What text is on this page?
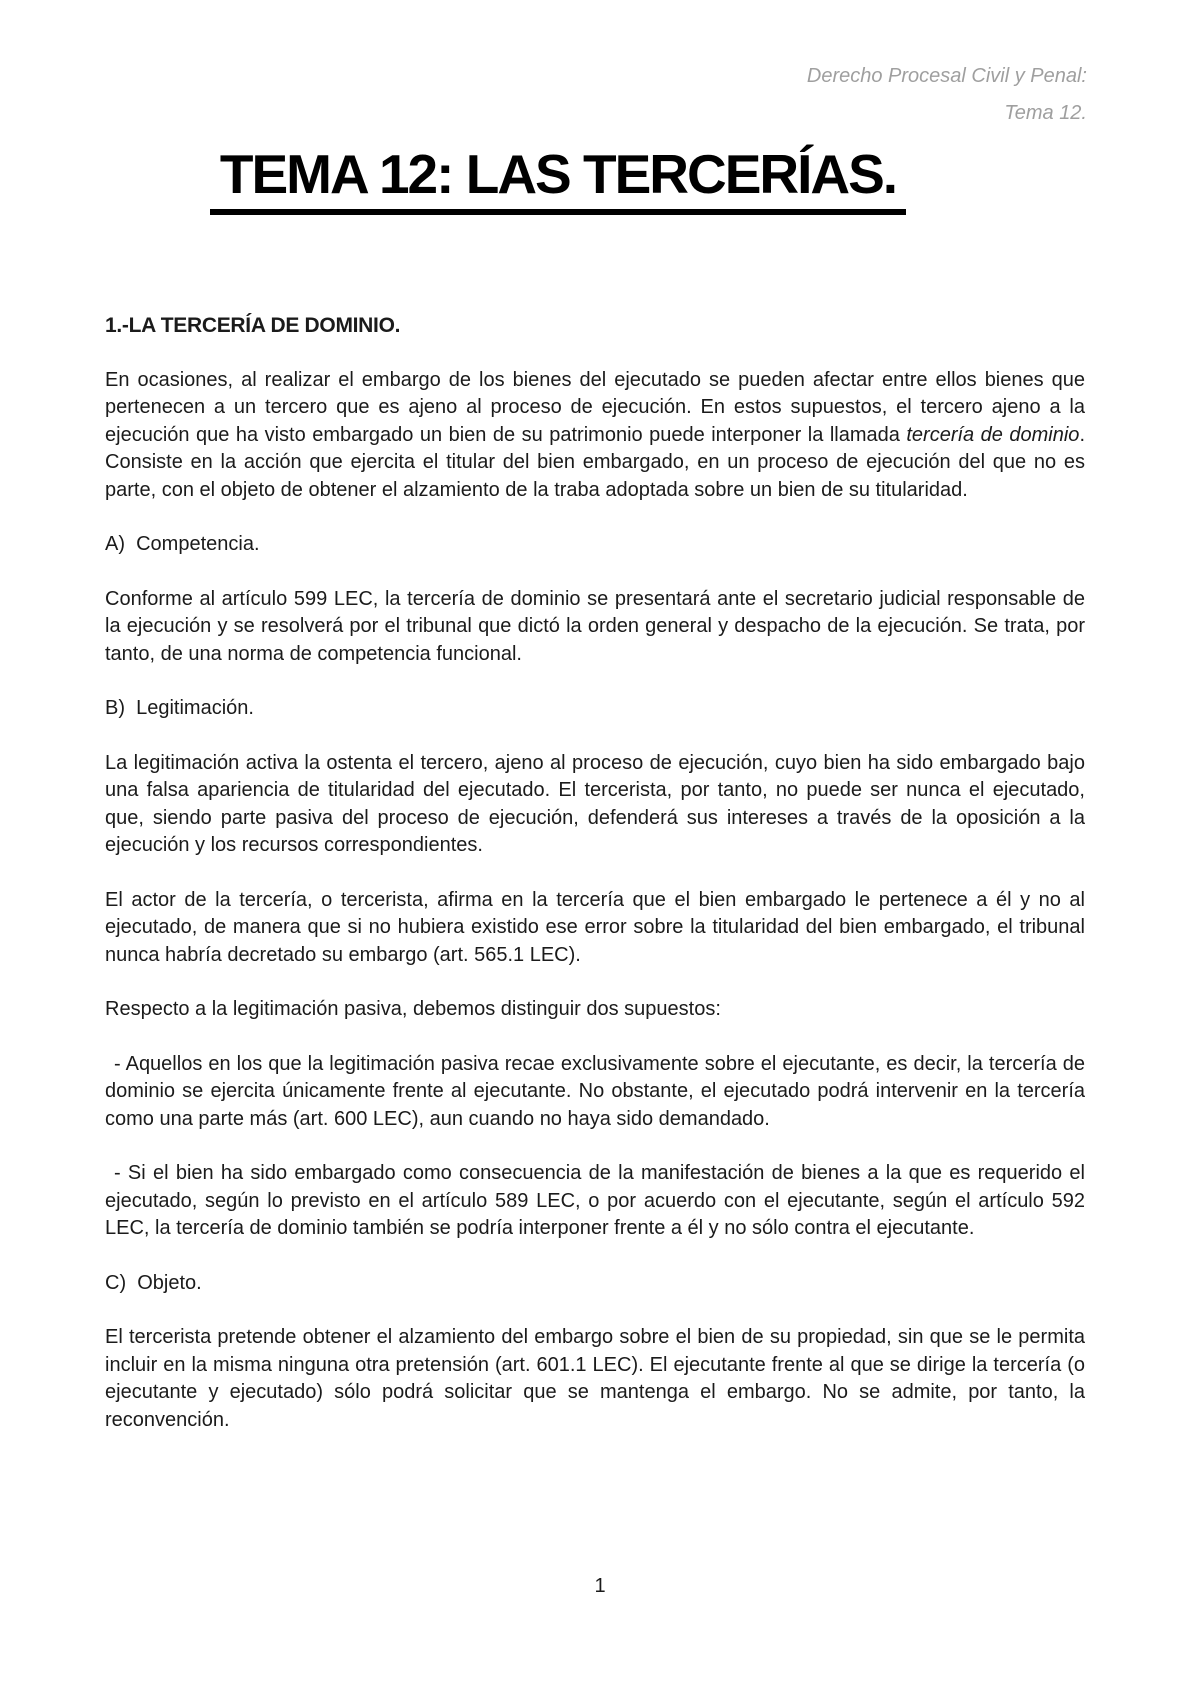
Derecho Procesal Civil y Penal:
Tema 12.
TEMA 12: LAS TERCERÍAS.

1.-LA TERCERÍA DE DOMINIO.

En ocasiones, al realizar el embargo de los bienes del ejecutado se pueden afectar entre ellos bienes que pertenecen a un tercero que es ajeno al proceso de ejecución. En estos supuestos, el tercero ajeno a la ejecución que ha visto embargado un bien de su patrimonio puede interponer la llamada tercería de dominio. Consiste en la acción que ejercita el titular del bien embargado, en un proceso de ejecución del que no es parte, con el objeto de obtener el alzamiento de la traba adoptada sobre un bien de su titularidad.

A)  Competencia.

Conforme al artículo 599 LEC, la tercería de dominio se presentará ante el secretario judicial responsable de la ejecución y se resolverá por el tribunal que dictó la orden general y despacho de la ejecución. Se trata, por tanto, de una norma de competencia funcional.

B)  Legitimación.

La legitimación activa la ostenta el tercero, ajeno al proceso de ejecución, cuyo bien ha sido embargado bajo una falsa apariencia de titularidad del ejecutado. El tercerista, por tanto, no puede ser nunca el ejecutado, que, siendo parte pasiva del proceso de ejecución, defenderá sus intereses a través de la oposición a la ejecución y los recursos correspondientes.

El actor de la tercería, o tercerista, afirma en la tercería que el bien embargado le pertenece a él y no al ejecutado, de manera que si no hubiera existido ese error sobre la titularidad del bien embargado, el tribunal nunca habría decretado su embargo (art. 565.1 LEC).

Respecto a la legitimación pasiva, debemos distinguir dos supuestos:

- Aquellos en los que la legitimación pasiva recae exclusivamente sobre el ejecutante, es decir, la tercería de dominio se ejercita únicamente frente al ejecutante. No obstante, el ejecutado podrá intervenir en la tercería como una parte más (art. 600 LEC), aun cuando no haya sido demandado.

- Si el bien ha sido embargado como consecuencia de la manifestación de bienes a la que es requerido el ejecutado, según lo previsto en el artículo 589 LEC, o por acuerdo con el ejecutante, según el artículo 592 LEC, la tercería de dominio también se podría interponer frente a él y no sólo contra el ejecutante.

C)  Objeto.

El tercerista pretende obtener el alzamiento del embargo sobre el bien de su propiedad, sin que se le permita incluir en la misma ninguna otra pretensión (art. 601.1 LEC). El ejecutante frente al que se dirige la tercería (o ejecutante y ejecutado) sólo podrá solicitar que se mantenga el embargo. No se admite, por tanto, la reconvención.

1
